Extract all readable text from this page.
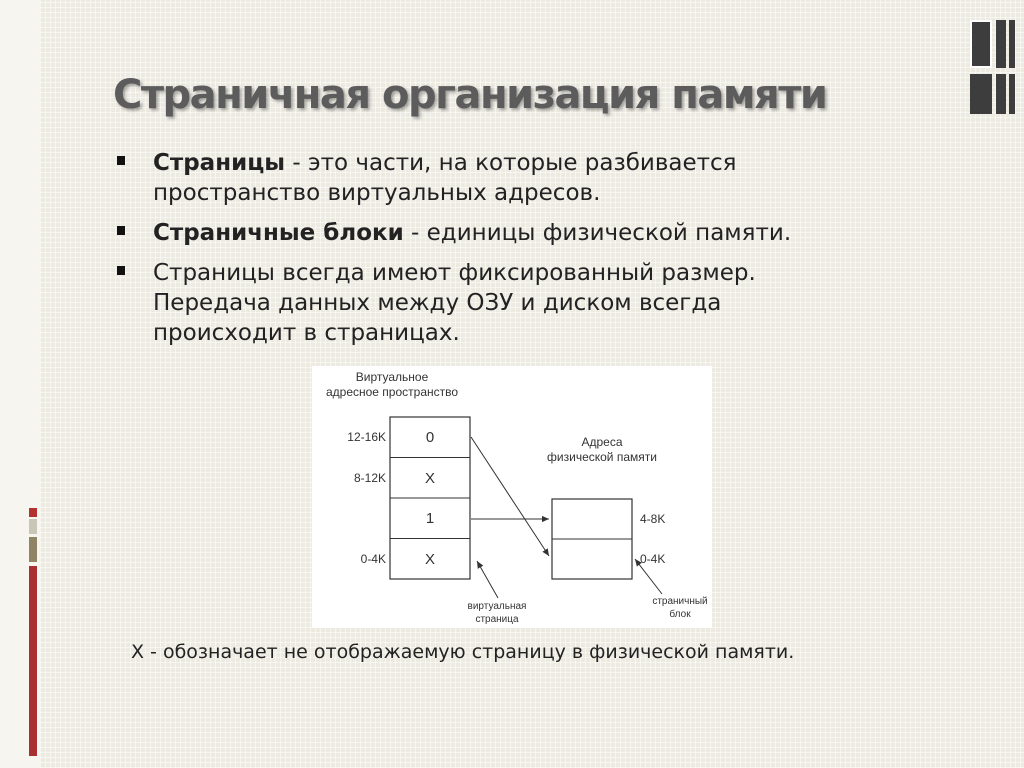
Страничная организация памяти
Страницы - это части, на которые разбивается
пространство виртуальных адресов.
Страничные блоки - единицы физической памяти.
Страницы всегда имеют фиксированный размер.
Передача данных между ОЗУ и диском всегда
происходит в страницах.
Виртуальное
адресное пространство
0
X
1
X
12-16K
8-12K
0-4K
Адреса
физической памяти
4-8K
0-4K
виртуальная
страница
страничный
блок
X - обозначает не отображаемую страницу в физической памяти.
